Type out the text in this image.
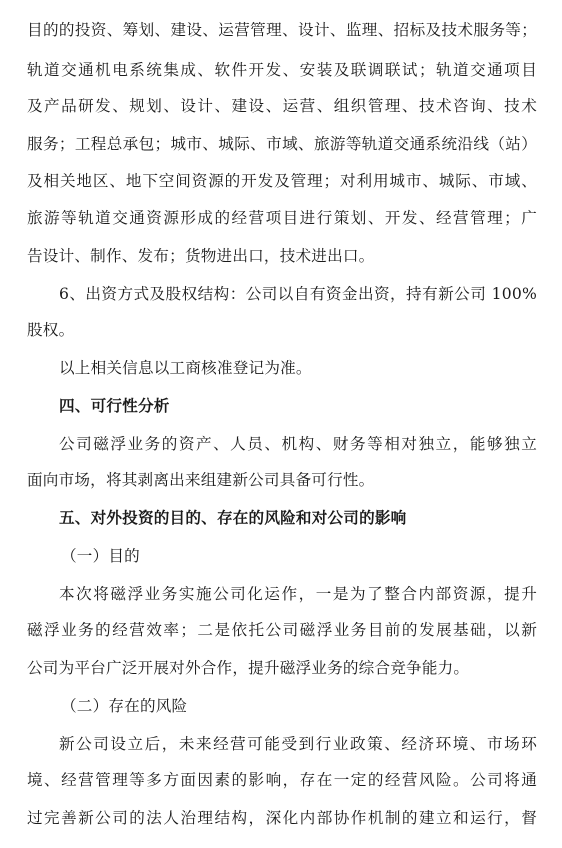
目的的投资、筹划、建设、运营管理、设计、监理、招标及技术服务等；
轨道交通机电系统集成、软件开发、安装及联调联试；轨道交通项目
及产品研发、规划、设计、建设、运营、组织管理、技术咨询、技术
服务；工程总承包；城市、城际、市域、旅游等轨道交通系统沿线（站）
及相关地区、地下空间资源的开发及管理；对利用城市、城际、市域、
旅游等轨道交通资源形成的经营项目进行策划、开发、经营管理；广
告设计、制作、发布；货物进出口，技术进出口。
6、出资方式及股权结构：公司以自有资金出资，持有新公司 100%
股权。
以上相关信息以工商核准登记为准。
四、可行性分析
公司磁浮业务的资产、人员、机构、财务等相对独立，能够独立
面向市场，将其剥离出来组建新公司具备可行性。
五、对外投资的目的、存在的风险和对公司的影响
（一）目的
本次将磁浮业务实施公司化运作，一是为了整合内部资源，提升
磁浮业务的经营效率；二是依托公司磁浮业务目前的发展基础，以新
公司为平台广泛开展对外合作，提升磁浮业务的综合竞争能力。
（二）存在的风险
新公司设立后，未来经营可能受到行业政策、经济环境、市场环
境、经营管理等多方面因素的影响，存在一定的经营风险。公司将通
过完善新公司的法人治理结构，深化内部协作机制的建立和运行，督
